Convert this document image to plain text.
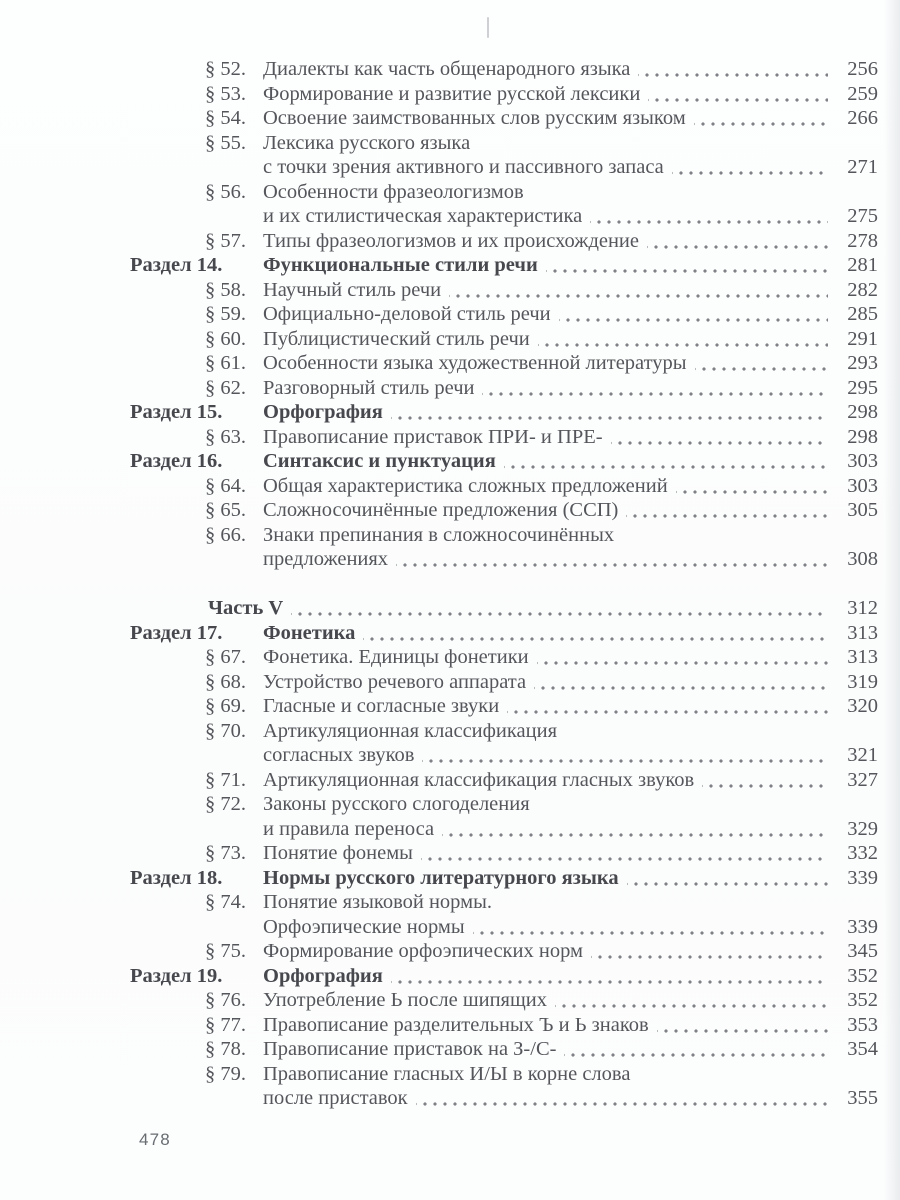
§ 52. Диалекты как часть общенародного языка	256
§ 53. Формирование и развитие русской лексики	259
§ 54. Освоение заимствованных слов русским языком	266
§ 55. Лексика русского языка
с точки зрения активного и пассивного запаса	271
§ 56. Особенности фразеологизмов
и их стилистическая характеристика	275
§ 57. Типы фразеологизмов и их происхождение	278
Раздел 14.	Функциональные стили речи	281
§ 58. Научный стиль речи	282
§ 59. Официально-деловой стиль речи	285
§ 60. Публицистический стиль речи	291
§ 61. Особенности языка художественной литературы	293
§ 62. Разговорный стиль речи	295
Раздел 15.	Орфография	298
§ 63. Правописание приставок ПРИ- и ПРЕ-	298
Раздел 16.	Синтаксис и пунктуация	303
§ 64. Общая характеристика сложных предложений	303
§ 65. Сложносочинённые предложения (ССП)	305
§ 66. Знаки препинания в сложносочинённых
предложениях	308
Часть V	312
Раздел 17.	Фонетика	313
§ 67. Фонетика. Единицы фонетики	313
§ 68. Устройство речевого аппарата	319
§ 69. Гласные и согласные звуки	320
§ 70. Артикуляционная классификация
согласных звуков	321
§ 71. Артикуляционная классификация гласных звуков	327
§ 72. Законы русского слогоделения
и правила переноса	329
§ 73. Понятие фонемы	332
Раздел 18.	Нормы русского литературного языка	339
§ 74. Понятие языковой нормы.
Орфоэпические нормы	339
§ 75. Формирование орфоэпических норм	345
Раздел 19.	Орфография	352
§ 76. Употребление Ь после шипящих	352
§ 77. Правописание разделительных Ъ и Ь знаков	353
§ 78. Правописание приставок на З-/С-	354
§ 79. Правописание гласных И/Ы в корне слова
после приставок	355
478
